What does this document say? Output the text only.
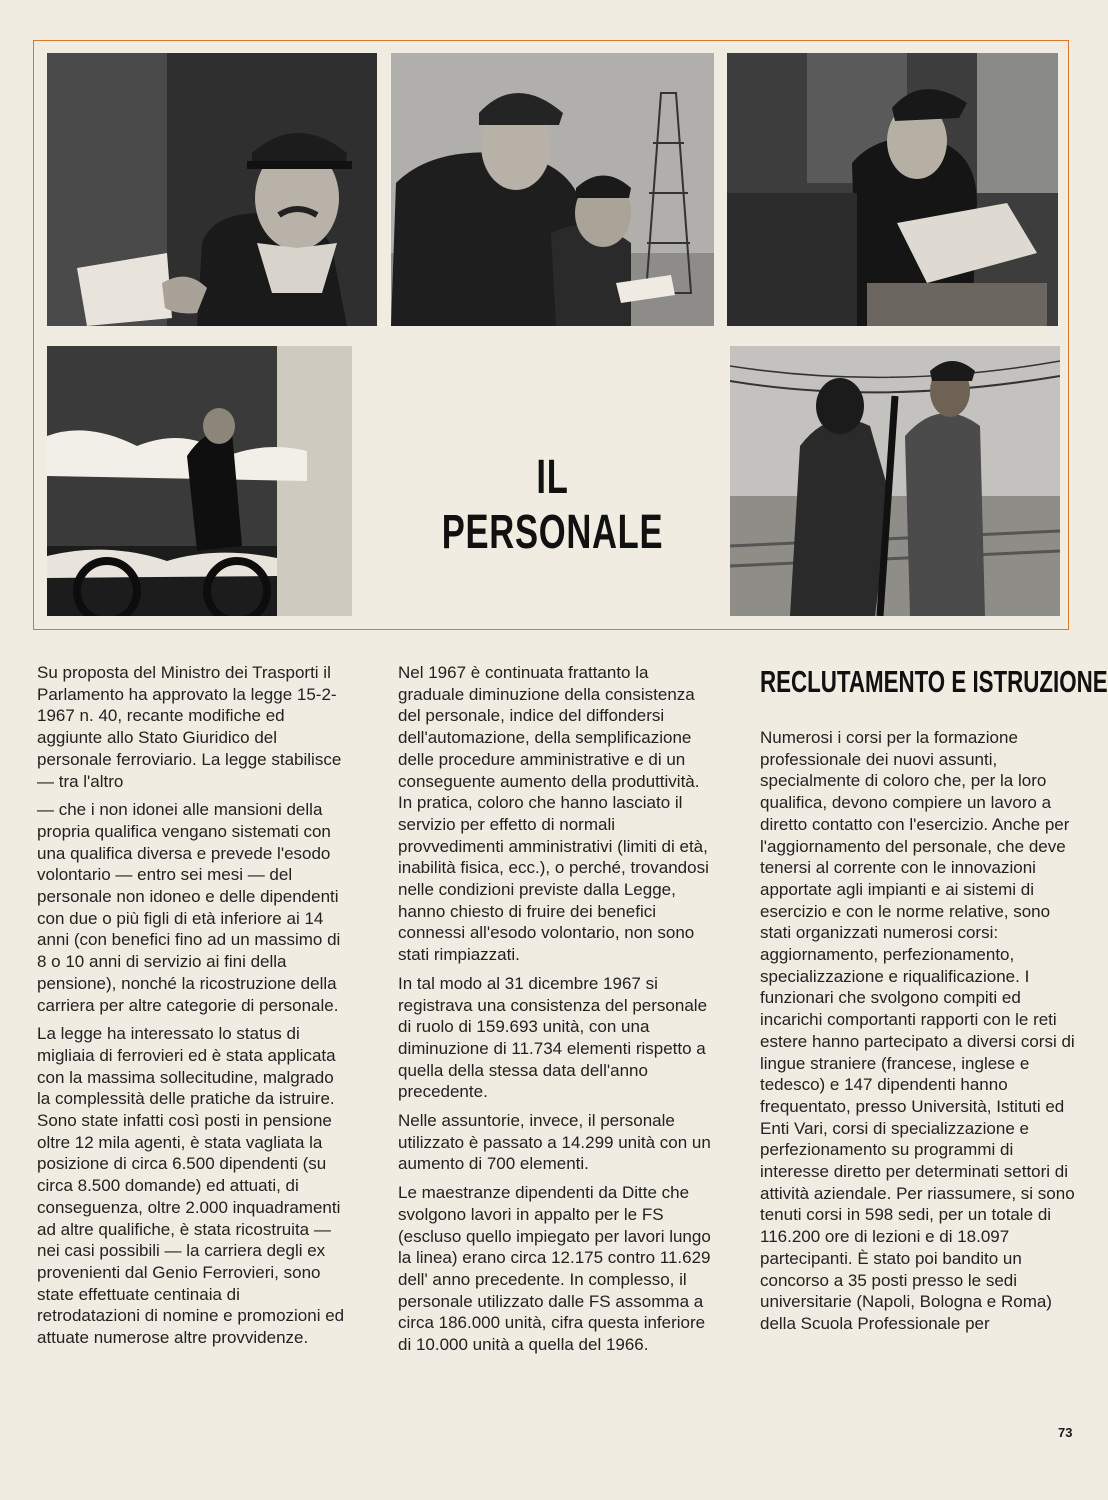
IL PERSONALE

Su proposta del Ministro dei Trasporti il Parlamento ha approvato la legge 15-2-1967 n. 40, recante modifiche ed aggiunte allo Stato Giuridico del personale ferroviario. La legge stabilisce — tra l'altro

— che i non idonei alle mansioni della propria qualifica vengano sistemati con una qualifica diversa e prevede l'esodo volontario — entro sei mesi — del personale non idoneo e delle dipendenti con due o più figli di età inferiore ai 14 anni (con benefici fino ad un massimo di 8 o 10 anni di servizio ai fini della pensione), nonché la ricostruzione della carriera per altre categorie di personale.

La legge ha interessato lo status di migliaia di ferrovieri ed è stata applicata con la massima sollecitudine, malgrado la complessità delle pratiche da istruire. Sono state infatti così posti in pensione oltre 12 mila agenti, è stata vagliata la posizione di circa 6.500 dipendenti (su circa 8.500 domande) ed attuati, di conseguenza, oltre 2.000 inquadramenti ad altre qualifiche, è stata ricostruita — nei casi possibili — la carriera degli ex provenienti dal Genio Ferrovieri, sono state effettuate centinaia di retrodatazioni di nomine e promozioni ed attuate numerose altre provvidenze.

Nel 1967 è continuata frattanto la graduale diminuzione della consistenza del personale, indice del diffondersi dell'automazione, della semplificazione delle procedure amministrative e di un conseguente aumento della produttività. In pratica, coloro che hanno lasciato il servizio per effetto di normali provvedimenti amministrativi (limiti di età, inabilità fisica, ecc.), o perché, trovandosi nelle condizioni previste dalla Legge, hanno chiesto di fruire dei benefici connessi all'esodo volontario, non sono stati rimpiazzati.

In tal modo al 31 dicembre 1967 si registrava una consistenza del personale di ruolo di 159.693 unità, con una diminuzione di 11.734 elementi rispetto a quella della stessa data dell'anno precedente.

Nelle assuntorie, invece, il personale utilizzato è passato a 14.299 unità con un aumento di 700 elementi.

Le maestranze dipendenti da Ditte che svolgono lavori in appalto per le FS (escluso quello impiegato per lavori lungo la linea) erano circa 12.175 contro 11.629 dell' anno precedente. In complesso, il personale utilizzato dalle FS assomma a circa 186.000 unità, cifra questa inferiore di 10.000 unità a quella del 1966.

RECLUTAMENTO E ISTRUZIONE

Numerosi i corsi per la formazione professionale dei nuovi assunti, specialmente di coloro che, per la loro qualifica, devono compiere un lavoro a diretto contatto con l'esercizio. Anche per l'aggiornamento del personale, che deve tenersi al corrente con le innovazioni apportate agli impianti e ai sistemi di esercizio e con le norme relative, sono stati organizzati numerosi corsi: aggiornamento, perfezionamento, specializzazione e riqualificazione. I funzionari che svolgono compiti ed incarichi comportanti rapporti con le reti estere hanno partecipato a diversi corsi di lingue straniere (francese, inglese e tedesco) e 147 dipendenti hanno frequentato, presso Università, Istituti ed Enti Vari, corsi di specializzazione e perfezionamento su programmi di interesse diretto per determinati settori di attività aziendale. Per riassumere, si sono tenuti corsi in 598 sedi, per un totale di 116.200 ore di lezioni e di 18.097 partecipanti. È stato poi bandito un concorso a 35 posti presso le sedi universitarie (Napoli, Bologna e Roma) della Scuola Professionale per

73
